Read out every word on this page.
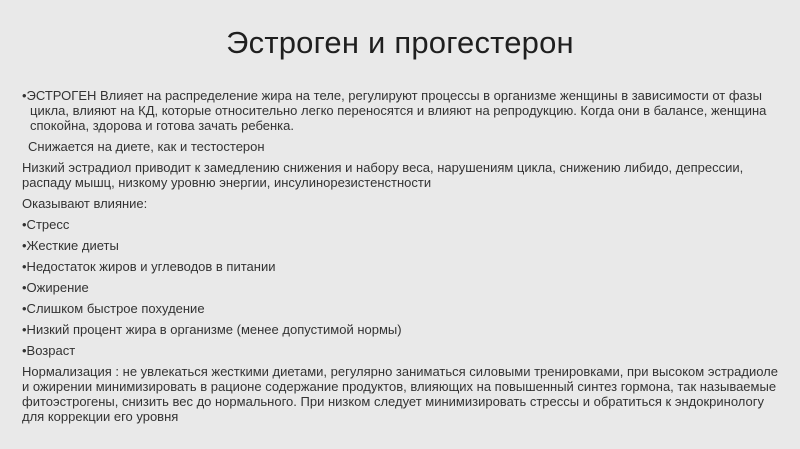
Эстроген и прогестерон

•ЭСТРОГЕН Влияет на распределение жира на теле, регулируют процессы в организме женщины в зависимости от фазы цикла, влияют на КД, которые относительно легко переносятся и влияют на репродукцию. Когда они в балансе, женщина спокойна, здорова и готова зачать ребенка.

Снижается на диете, как и тестостерон

Низкий эстрадиол приводит к замедлению снижения и набору веса, нарушениям цикла, снижению либидо, депрессии, распаду мышц, низкому уровню энергии, инсулинорезистенстности

Оказывают влияние:

•Стресс
•Жесткие диеты
•Недостаток жиров и углеводов в питании
•Ожирение
•Слишком быстрое похудение
•Низкий процент жира в организме (менее допустимой нормы)
•Возраст

Нормализация : не увлекаться жесткими диетами, регулярно заниматься силовыми тренировками, при высоком эстрадиоле и ожирении минимизировать в рационе содержание продуктов, влияющих на повышенный синтез гормона, так называемые фитоэстрогены, снизить вес до нормального. При низком следует минимизировать стрессы и обратиться к эндокринологу для коррекции его уровня
